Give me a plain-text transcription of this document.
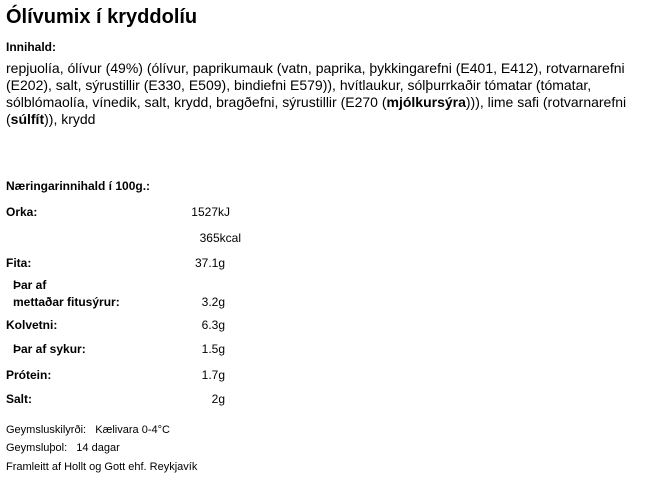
Ólívumix í kryddolíu
Innihald:
repjuolía, ólívur (49%) (ólívur, paprikumauk (vatn, paprika, þykkingarefni (E401, E412), rotvarnarefni (E202), salt, sýrustillir (E330, E509), bindiefni E579)), hvítlaukur, sólþurrkaðir tómatar (tómatar, sólblómaolía, vínedik, salt, krydd, bragðefni, sýrustillir (E270 (mjólkursýra))), lime safi (rotvarnarefni (súlfít)), krydd
Næringarinnihald í 100g.:
Orka:	1527kJ
365kcal
Fita:	37.1g
Þar af
mettaðar fitusýrur:	3.2g
Kolvetni:	6.3g
Þar af sykur:	1.5g
Prótein:	1.7g
Salt:	2g
Geymsluskilyrði:   Kælivara 0-4°C
Geymsluþol:   14 dagar
Framleitt af Hollt og Gott ehf. Reykjavík
